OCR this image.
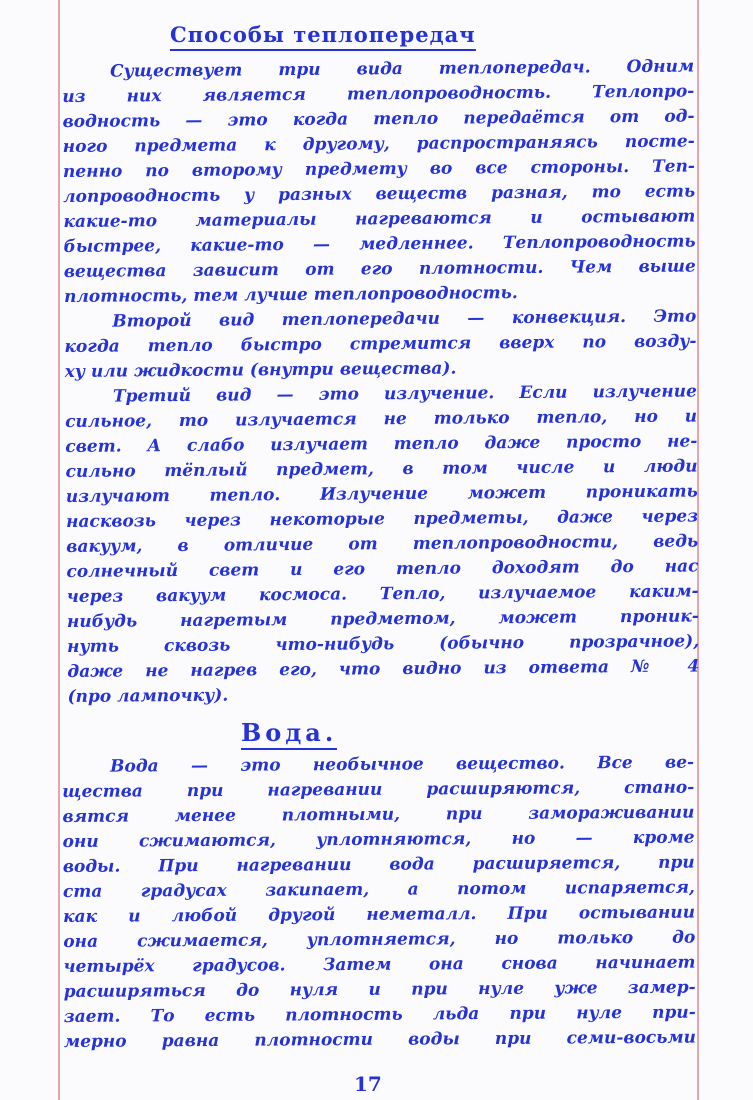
Способы теплопередач
Существует три вида теплопередач. Одним
из них является теплопроводность. Теплопро-
водность — это когда тепло передаётся от од-
ного предмета к другому, распространяясь посте-
пенно по второму предмету во все стороны. Теп-
лопроводность у разных веществ разная, то есть
какие-то материалы нагреваются и остывают
быстрее, какие-то — медленнее. Теплопроводность
вещества зависит от его плотности. Чем выше
плотность, тем лучше теплопроводность.
Второй вид теплопередачи — конвекция. Это
когда тепло быстро стремится вверх по возду-
ху или жидкости (внутри вещества).
Третий вид — это излучение. Если излучение
сильное, то излучается не только тепло, но и
свет. А слабо излучает тепло даже просто не-
сильно тёплый предмет, в том числе и люди
излучают тепло. Излучение может проникать
насквозь через некоторые предметы, даже через
вакуум, в отличие от теплопроводности, ведь
солнечный свет и его тепло доходят до нас
через вакуум космоса. Тепло, излучаемое каким-
нибудь нагретым предметом, может проник-
нуть сквозь что-нибудь (обычно прозрачное),
даже не нагрев его, что видно из ответа № 4
(про лампочку).
Вода.
Вода — это необычное вещество. Все ве-
щества при нагревании расширяются, стано-
вятся менее плотными, при замораживании
они сжимаются, уплотняются, но — кроме
воды. При нагревании вода расширяется, при
ста градусах закипает, а потом испаряется,
как и любой другой неметалл. При остывании
она сжимается, уплотняется, но только до
четырёх градусов. Затем она снова начинает
расширяться до нуля и при нуле уже замер-
зает. То есть плотность льда при нуле при-
мерно равна плотности воды при семи-восьми
17
